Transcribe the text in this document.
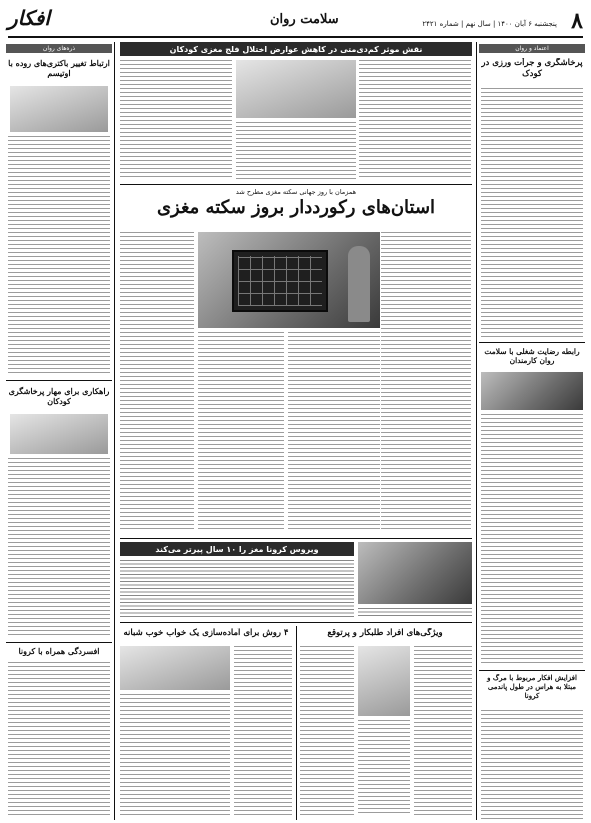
۸
پنجشنبه ۶ آبان ۱۴۰۰ | سال نهم | شماره ۲۴۲۱
سلامت روان
افکار
اعتماد و روان
پرخاشگری و جرأت ورزی در کودک
رابطه رضایت شغلی با سلامت روان کارمندان
افزایش افکار مربوط با مرگ و مبتلا به هراس در طول پاندمی کرونا
ذره‌های روان
ارتباط تغییر باکتری‌های روده با اوتیسم
راهکاری برای مهار پرخاشگری کودکان
افسردگی همراه با کرونا
نقش موثر کم‌دی‌متی در کاهش عوارض اختلال فلج مغزی کودکان
همزمان با روز جهانی سکته مغزی مطرح شد
استان‌های رکورددار بروز سکته مغزی
ویروس کرونا مغز را ۱۰ سال پیرتر می‌کند
ویژگی‌های افراد طلبکار و پرتوقع
۴ روش برای آماده‌سازی یک خواب خوب شبانه
